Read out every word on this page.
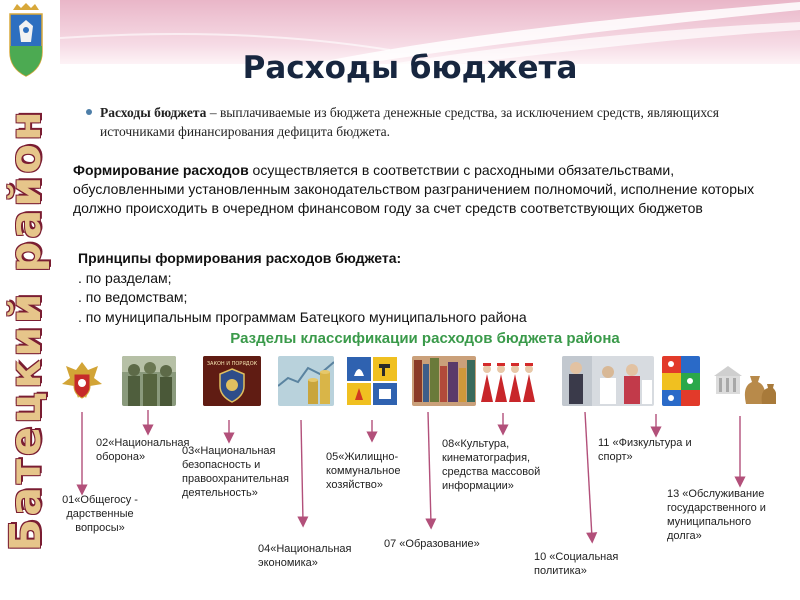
Батецкий район
Расходы бюджета
Расходы бюджета – выплачиваемые из бюджета денежные средства, за исключением средств, являющихся источниками финансирования дефицита бюджета.
Формирование расходов осуществляется в соответствии с расходными обязательствами, обусловленными установленным законодательством разграничением полномочий, исполнение которых должно происходить в очередном финансовом году за счет средств соответствующих бюджетов
Принципы формирования расходов бюджета:
. по разделам;
. по ведомствам;
. по муниципальным программам Батецкого муниципального района
Разделы классификации расходов бюджета района
ЗАКОН И ПОРЯДОК
01«Общегосу - дарственные вопросы»
02«Национальная оборона»	03«Национальная безопасность и правоохранительная деятельность»
04«Национальная экономика»
05«Жилищно-коммунальное хозяйство»
07 «Образование»
08«Культура, кинематография, средства массовой информации»
10 «Социальная политика»
11 «Физкультура и спорт»
13 «Обслуживание государственного и муниципального долга»
